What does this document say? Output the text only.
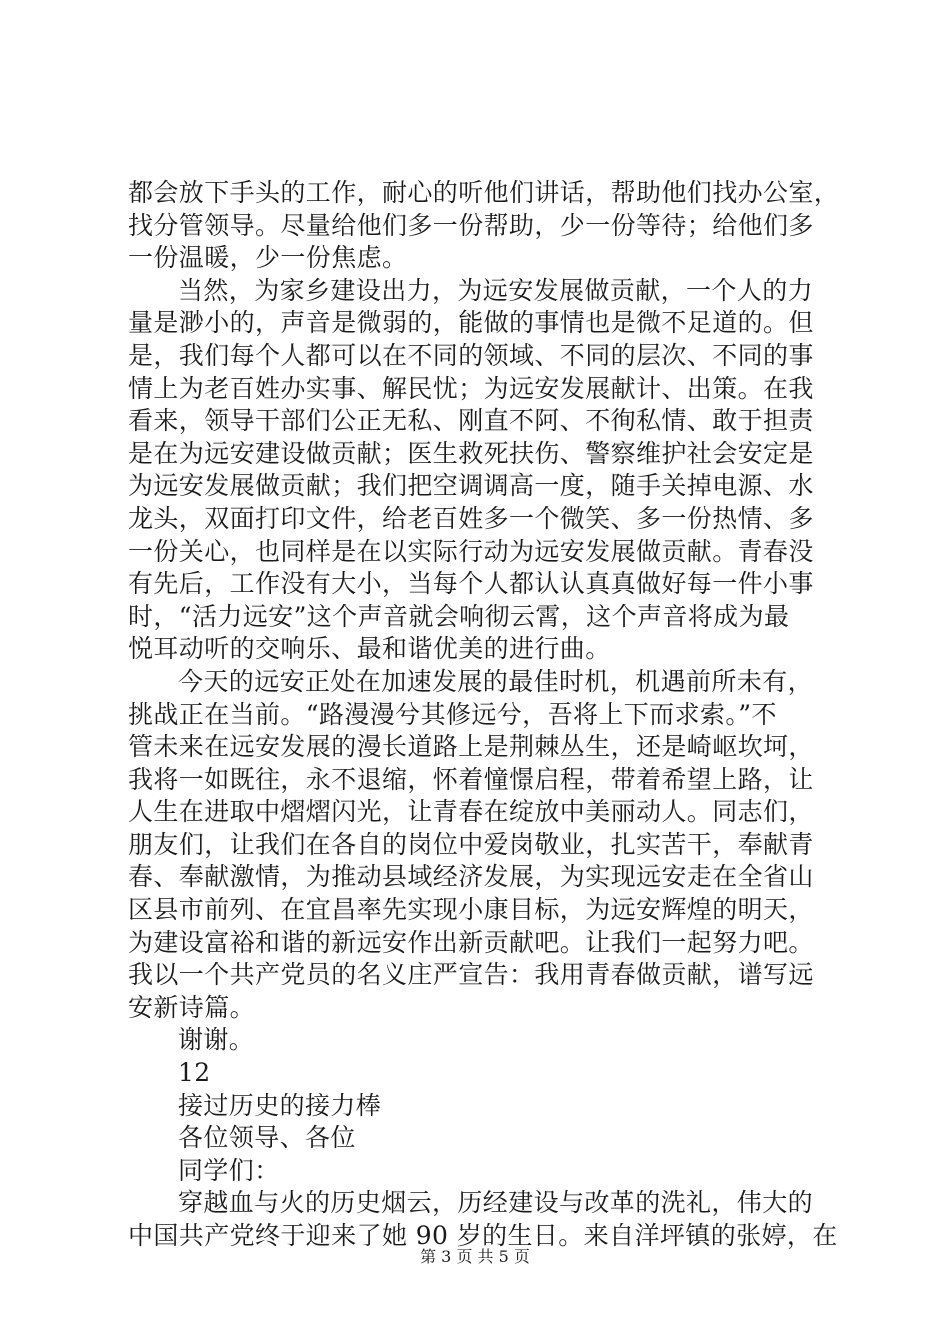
都会放下手头的工作，耐心的听他们讲话，帮助他们找办公室，
找分管领导。尽量给他们多一份帮助，少一份等待；给他们多
一份温暖，少一份焦虑。
当然，为家乡建设出力，为远安发展做贡献，一个人的力
量是渺小的，声音是微弱的，能做的事情也是微不足道的。但
是，我们每个人都可以在不同的领域、不同的层次、不同的事
情上为老百姓办实事、解民忧；为远安发展献计、出策。在我
看来，领导干部们公正无私、刚直不阿、不徇私情、敢于担责
是在为远安建设做贡献；医生救死扶伤、警察维护社会安定是
为远安发展做贡献；我们把空调调高一度，随手关掉电源、水
龙头，双面打印文件，给老百姓多一个微笑、多一份热情、多
一份关心，也同样是在以实际行动为远安发展做贡献。青春没
有先后，工作没有大小，当每个人都认认真真做好每一件小事
时，“活力远安”这个声音就会响彻云霄，这个声音将成为最
悦耳动听的交响乐、最和谐优美的进行曲。
今天的远安正处在加速发展的最佳时机，机遇前所未有，
挑战正在当前。“路漫漫兮其修远兮，吾将上下而求索。”不
管未来在远安发展的漫长道路上是荆棘丛生，还是崎岖坎坷，
我将一如既往，永不退缩，怀着憧憬启程，带着希望上路，让
人生在进取中熠熠闪光，让青春在绽放中美丽动人。同志们，
朋友们，让我们在各自的岗位中爱岗敬业，扎实苦干，奉献青
春、奉献激情，为推动县域经济发展，为实现远安走在全省山
区县市前列、在宜昌率先实现小康目标，为远安辉煌的明天，
为建设富裕和谐的新远安作出新贡献吧。让我们一起努力吧。
我以一个共产党员的名义庄严宣告：我用青春做贡献，谱写远
安新诗篇。
谢谢。
12
接过历史的接力棒
各位领导、各位
同学们：
穿越血与火的历史烟云，历经建设与改革的洗礼，伟大的
中国共产党终于迎来了她 90 岁的生日。来自洋坪镇的张婷，在
第 3 页 共 5 页
